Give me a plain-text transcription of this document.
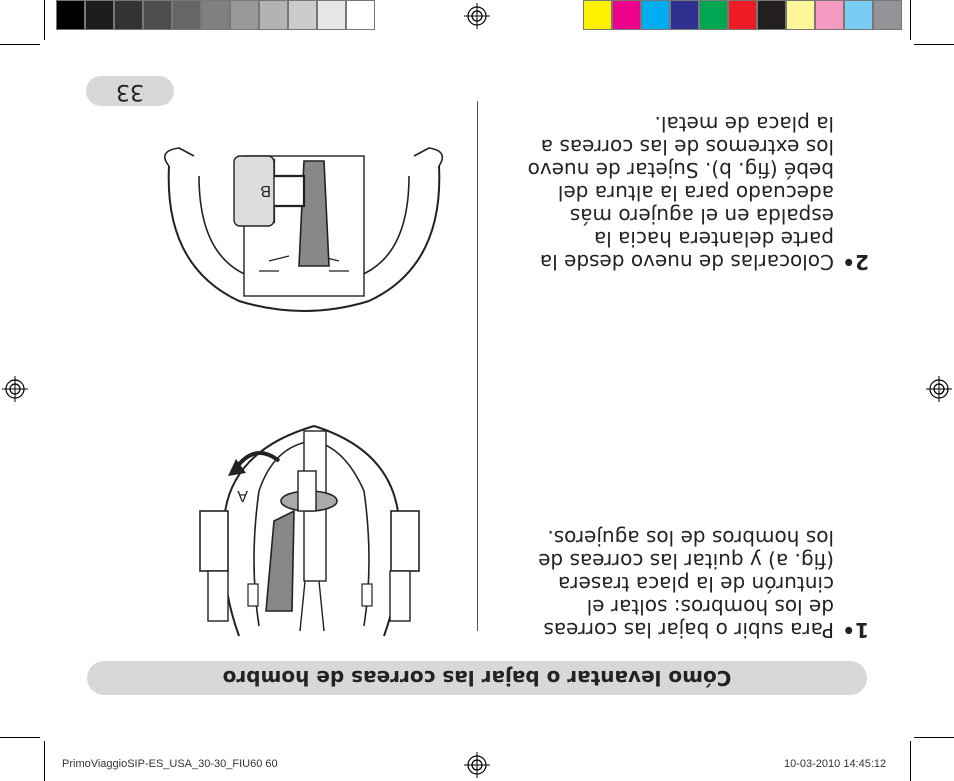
Cómo levantar o bajar las correas de hombro
33
1•
Para subir o bajar las correas de los hombros: soltar el cinturón de la placa trasera (fig. a) y quitar las correas de los hombros de los agujeros.
2•
Colocarlas de nuevo desde la parte delantera hacia la espalda en el agujero más adecuado para la altura del bebé (fig. b). Sujetar de nuevo los extremos de las correas a la placa de metal.
A
B
PrimoViaggioSIP-ES_USA_30-30_FIU60 60	10-03-2010 14:45:12
